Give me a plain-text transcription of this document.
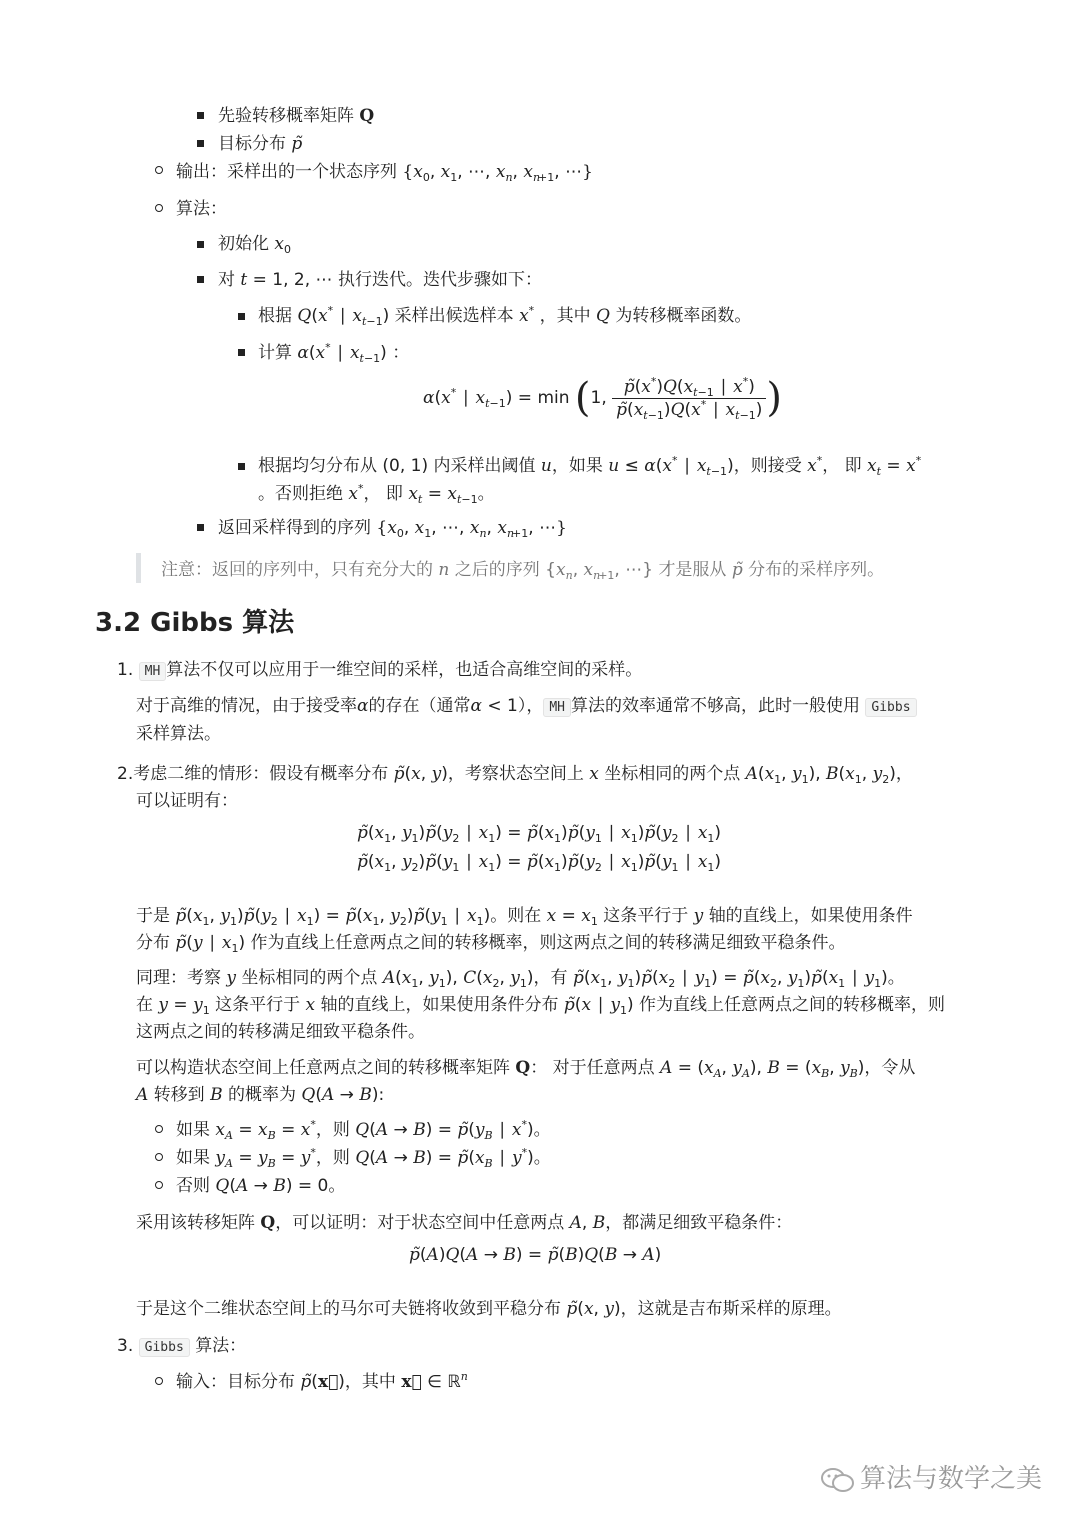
先验转移概率矩阵 Q
目标分布 p̃
输出：采样出的一个状态序列 {$x_0$, $x_1$, ⋯, $x_n$, $x_{n+1}$, ⋯}
算法：
初始化 $x_0$
对 t = 1, 2, ⋯ 执行迭代。迭代步骤如下：
根据 Q(x* ∣ $x_{t-1}$) 采样出候选样本 x* ，其中 Q 为转移概率函数。
计算 α(x* ∣ $x_{t-1}$) ：
α(x* ∣ $x_{t-1}) = \min (1$, $\frac{p̃(x^*)Q(x_{t-1} ∣ x^*)}{p̃(x_{t-1})Q(x^* ∣ x_{t-1})}$ )
根据均匀分布从 (0, 1) 内采样出阈值 u，如果 u ≤ α(x* ∣ $x_{t-1}$)，则接受 x*， 即 $x_t = x^*$
。否则拒绝 x*， 即 $x_t = x_{t-1}$。
返回采样得到的序列 {$x_0$, $x_1$, ⋯, $x_n$, $x_{n+1}$, ⋯}
注意：返回的序列中，只有充分大的 n 之后的序列 {$x_n$, $x_{n+1}$, ⋯} 才是服从 p̃ 分布的采样序列。
3.2 Gibbs 算法
1. MH 算法不仅可以应用于一维空间的采样，也适合高维空间的采样。
对于高维的情况，由于接受率α的存在（通常α < 1）， MH 算法的效率通常不够高，此时一般使用 Gibbs
采样算法。
2.考虑二维的情形：假设有概率分布 p̃(x, y)，考察状态空间上 x 坐标相同的两个点 $A(x_1$, $y_1$), $B(x_1$, $y_2$)，
可以证明有：
$p̃(x_1$, $y_1)p̃(y_2$ ∣ $x_1$) = $p̃(x_1)p̃(y_1$ ∣ $x_1)p̃(y_2$ ∣ $x_1$)
$p̃(x_1$, $y_2)p̃(y_1$ ∣ $x_1$) = $p̃(x_1)p̃(y_2$ ∣ $x_1)p̃(y_1$ ∣ $x_1$)
于是 $p̃(x_1$, $y_1)p̃(y_2$ ∣ $x_1$) = $p̃(x_1$, $y_2)p̃(y_1$ ∣ $x_1$)。则在 $x = x_1$ 这条平行于 y 轴的直线上，如果使用条件
分布 p̃(y ∣ $x_1$) 作为直线上任意两点之间的转移概率，则这两点之间的转移满足细致平稳条件。
同理：考察 y 坐标相同的两个点 $A(x_1$, $y_1$), $C(x_2$, $y_1$)，有 $p̃(x_1$, $y_1)p̃(x_2$ ∣ $y_1$) = $p̃(x_2$, $y_1)p̃(x_1$ ∣ $y_1$)。
在 $y = y_1$ 这条平行于 x 轴的直线上，如果使用条件分布 p̃(x ∣ $y_1$) 作为直线上任意两点之间的转移概率，则
这两点之间的转移满足细致平稳条件。
可以构造状态空间上任意两点之间的转移概率矩阵 Q： 对于任意两点 $A = (x_A$, $y_A$), $B = (x_B$, $y_B$)，令从
A 转移到 B 的概率为 Q(A → B):
如果 $x_A = x_B = x^*$，则 $Q(A \to B) = p̃(y_B$ ∣ x*)。
如果 $y_A = y_B = y^*$，则 $Q(A \to B) = p̃(x_B$ ∣ y*)。
否则 Q(A → B) = 0。
采用该转移矩阵 Q，可以证明：对于状态空间中任意两点 A, B，都满足细致平稳条件：
p̃(A)Q(A → B) = p̃(B)Q(B → A)
于是这个二维状态空间上的马尔可夫链将收敛到平稳分布 p̃(x, y)，这就是吉布斯采样的原理。
3. Gibbs 算法：
输入：目标分布 p̃(x⃗)，其中 x⃗ ∈ ℝ$^n$
算法与数学之美
